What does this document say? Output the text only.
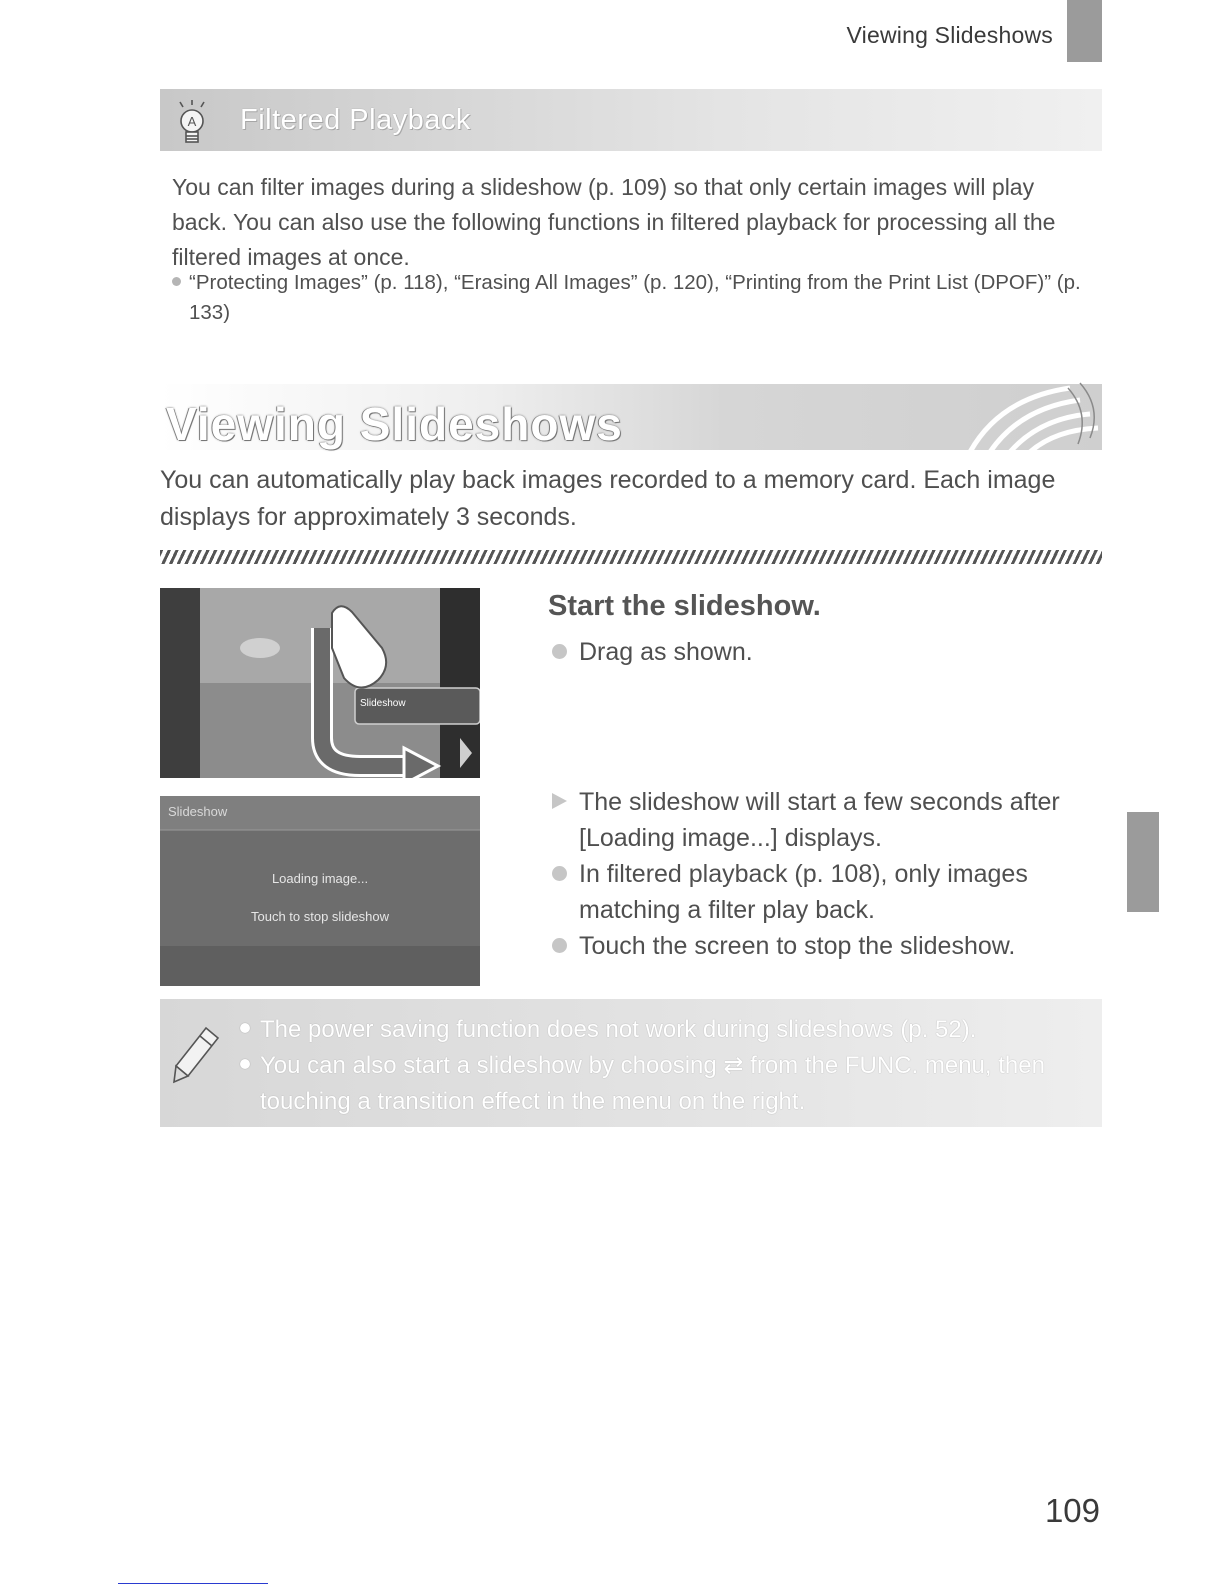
Viewing Slideshows
A Filtered Playback
You can filter images during a slideshow (p. 109) so that only certain images will play back. You can also use the following functions in filtered playback for processing all the filtered images at once.
“Protecting Images” (p. 118), “Erasing All Images” (p. 120), “Printing from the Print List (DPOF)” (p. 133)
Viewing Slideshows
You can automatically play back images recorded to a memory card. Each image displays for approximately 3 seconds.
Slideshow
Slideshow
Loading image...
Touch to stop slideshow
Start the slideshow.
Drag as shown.
The slideshow will start a few seconds after [Loading image...] displays.
In filtered playback (p. 108), only images matching a filter play back.
Touch the screen to stop the slideshow.
The power saving function does not work during slideshows (p. 52).
You can also start a slideshow by choosing ⇄ from the FUNC. menu, then touching a transition effect in the menu on the right.
109
